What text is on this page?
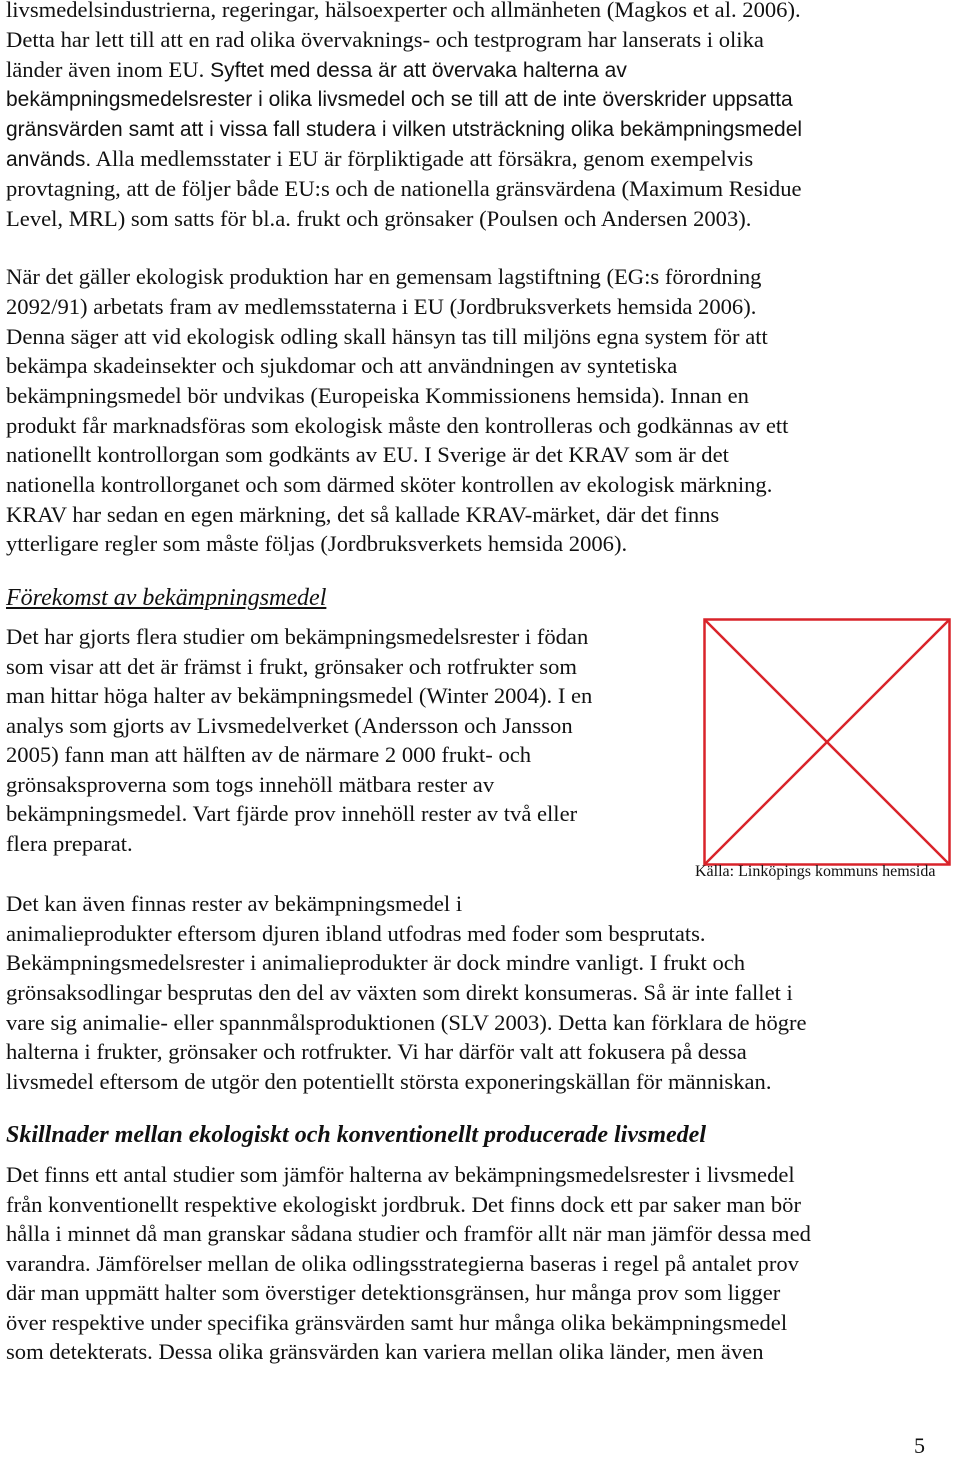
livsmedelsindustrierna, regeringar, hälsoexperter och allmänheten (Magkos et al. 2006).

Detta har lett till att en rad olika övervaknings- och testprogram har lanserats i olika

länder även inom EU. Syftet med dessa är att övervaka halterna av

bekämpningsmedelsrester i olika livsmedel och se till att de inte överskrider uppsatta

gränsvärden samt att i vissa fall studera i vilken utsträckning olika bekämpningsmedel

används. Alla medlemsstater i EU är förpliktigade att försäkra, genom exempelvis

provtagning, att de följer både EU:s och de nationella gränsvärdena (Maximum Residue

Level, MRL) som satts för bl.a. frukt och grönsaker (Poulsen och Andersen 2003).

När det gäller ekologisk produktion har en gemensam lagstiftning (EG:s förordning

2092/91) arbetats fram av medlemsstaterna i EU (Jordbruksverkets hemsida 2006).

Denna säger att vid ekologisk odling skall hänsyn tas till miljöns egna system för att

bekämpa skadeinsekter och sjukdomar och att användningen av syntetiska

bekämpningsmedel bör undvikas (Europeiska Kommissionens hemsida). Innan en

produkt får marknadsföras som ekologisk måste den kontrolleras och godkännas av ett

nationellt kontrollorgan som godkänts av EU. I Sverige är det KRAV som är det

nationella kontrollorganet och som därmed sköter kontrollen av ekologisk märkning.

KRAV har sedan en egen märkning, det så kallade KRAV-märket, där det finns

ytterligare regler som måste följas (Jordbruksverkets hemsida 2006).

Förekomst av bekämpningsmedel

Det har gjorts flera studier om bekämpningsmedelsrester i födan

som visar att det är främst i frukt, grönsaker och rotfrukter som

man hittar höga halter av bekämpningsmedel (Winter 2004). I en

analys som gjorts av Livsmedelverket (Andersson och Jansson

2005) fann man att hälften av de närmare 2 000 frukt- och

grönsaksproverna som togs innehöll mätbara rester av

bekämpningsmedel. Vart fjärde prov innehöll rester av två eller

flera preparat.

Källa: Linköpings kommuns hemsida

Det kan även finnas rester av bekämpningsmedel i

animalieprodukter eftersom djuren ibland utfodras med foder som besprutats.

Bekämpningsmedelsrester i animalieprodukter är dock mindre vanligt. I frukt och

grönsaksodlingar besprutas den del av växten som direkt konsumeras. Så är inte fallet i

vare sig animalie- eller spannmålsproduktionen (SLV 2003). Detta kan förklara de högre

halterna i frukter, grönsaker och rotfrukter. Vi har därför valt att fokusera på dessa

livsmedel eftersom de utgör den potentiellt största exponeringskällan för människan.

Skillnader mellan ekologiskt och konventionellt producerade livsmedel

Det finns ett antal studier som jämför halterna av bekämpningsmedelsrester i livsmedel

från konventionellt respektive ekologiskt jordbruk. Det finns dock ett par saker man bör

hålla i minnet då man granskar sådana studier och framför allt när man jämför dessa med

varandra. Jämförelser mellan de olika odlingsstrategierna baseras i regel på antalet prov

där man uppmätt halter som överstiger detektionsgränsen, hur många prov som ligger

över respektive under specifika gränsvärden samt hur många olika bekämpningsmedel

som detekterats. Dessa olika gränsvärden kan variera mellan olika länder, men även

5
